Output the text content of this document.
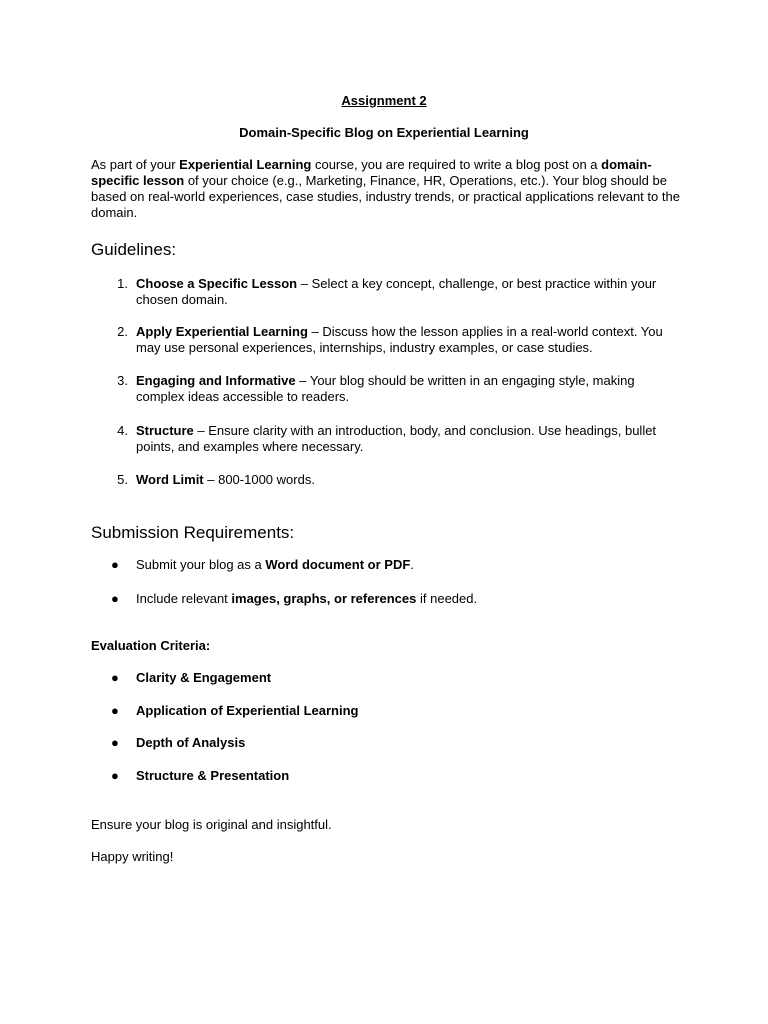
Assignment 2
Domain-Specific Blog on Experiential Learning

As part of your Experiential Learning course, you are required to write a blog post on a domain-specific lesson of your choice (e.g., Marketing, Finance, HR, Operations, etc.). Your blog should be based on real-world experiences, case studies, industry trends, or practical applications relevant to the domain.

Guidelines:
1. Choose a Specific Lesson – Select a key concept, challenge, or best practice within your chosen domain.

2. Apply Experiential Learning – Discuss how the lesson applies in a real-world context. You may use personal experiences, internships, industry examples, or case studies.

3. Engaging and Informative – Your blog should be written in an engaging style, making complex ideas accessible to readers.

4. Structure – Ensure clarity with an introduction, body, and conclusion. Use headings, bullet points, and examples where necessary.

5. Word Limit – 800-1000 words.

Submission Requirements:
● Submit your blog as a Word document or PDF.

● Include relevant images, graphs, or references if needed.

Evaluation Criteria:
● Clarity & Engagement
● Application of Experiential Learning
● Depth of Analysis
● Structure & Presentation

Ensure your blog is original and insightful.

Happy writing!
